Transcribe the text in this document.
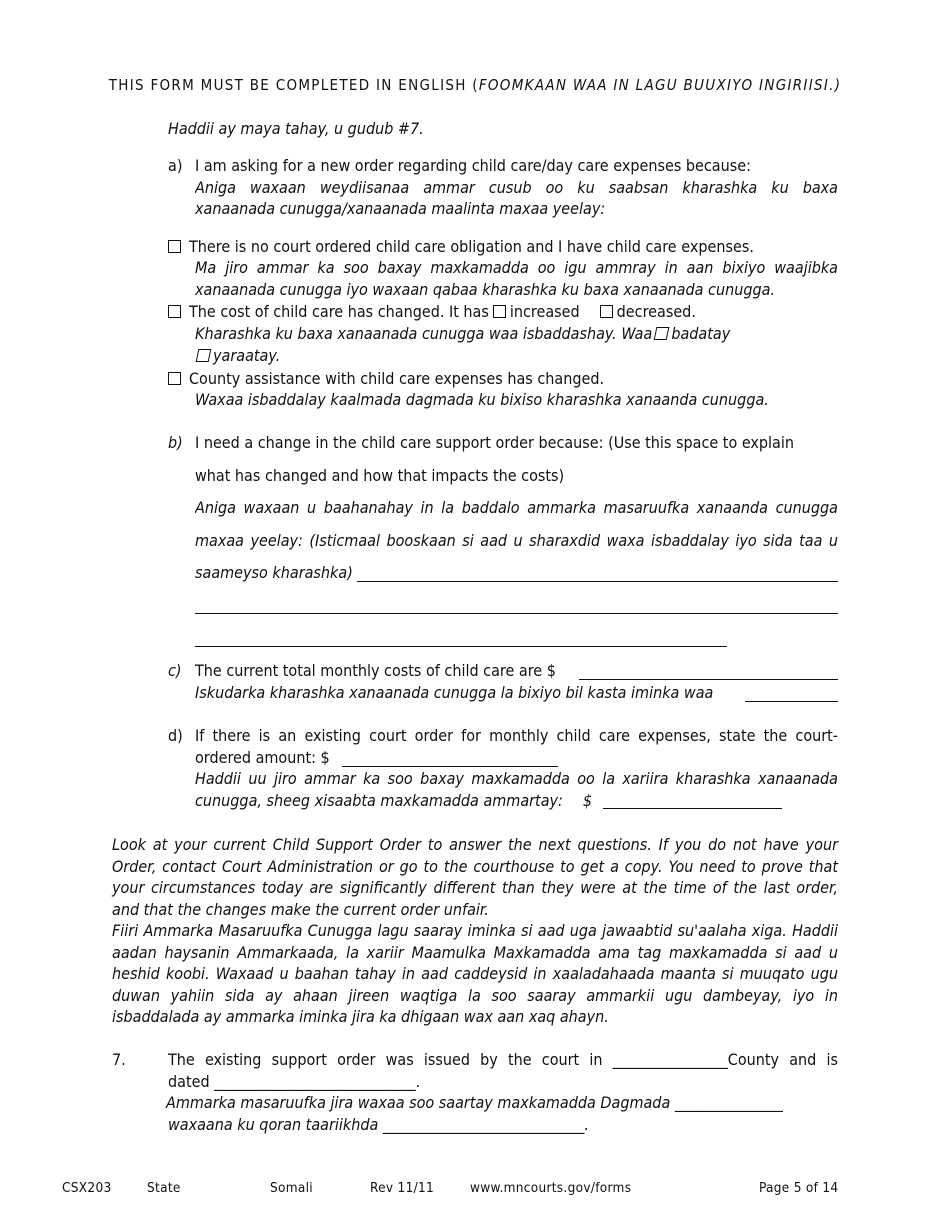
THIS FORM MUST BE COMPLETED IN ENGLISH (FOOMKAAN WAA IN LAGU BUUXIYO INGIRIISI.)
Haddii ay maya tahay, u gudub #7.
a) I am asking for a new order regarding child care/day care expenses because:
Aniga waxaan weydiisanaa ammar cusub oo ku saabsan kharashka ku baxa
xanaanada cunugga/xanaanada maalinta maxaa yeelay:
There is no court ordered child care obligation and I have child care expenses.
Ma jiro ammar ka soo baxay maxkamadda oo igu ammray in aan bixiyo waajibka
xanaanada cunugga iyo waxaan qabaa kharashka ku baxa xanaanada cunugga.
The cost of child care has changed. It has increased decreased.
Kharashka ku baxa xanaanada cunugga waa isbaddashay. Waa badatay
yaraatay.
County assistance with child care expenses has changed.
Waxaa isbaddalay kaalmada dagmada ku bixiso kharashka xanaanda cunugga.
b) I need a change in the child care support order because: (Use this space to explain
what has changed and how that impacts the costs)
Aniga waxaan u baahanahay in la baddalo ammarka masaruufka xanaanda cunugga
maxaa yeelay: (Isticmaal booskaan si aad u sharaxdid waxa isbaddalay iyo sida taa u
saameyso kharashka)
c) The current total monthly costs of child care are $
Iskudarka kharashka xanaanada cunugga la bixiyo bil kasta iminka waa
d) If there is an existing court order for monthly child care expenses, state the court-
ordered amount: $
Haddii uu jiro ammar ka soo baxay maxkamadda oo la xariira kharashka xanaanada
cunugga, sheeg xisaabta maxkamadda ammartay: $
Look at your current Child Support Order to answer the next questions. If you do not have your Order, contact Court Administration or go to the courthouse to get a copy. You need to prove that your circumstances today are significantly different than they were at the time of the last order, and that the changes make the current order unfair.
Fiiri Ammarka Masaruufka Cunugga lagu saaray iminka si aad uga jawaabtid su'aalaha xiga. Haddii aadan haysanin Ammarkaada, la xariir Maamulka Maxkamadda ama tag maxkamadda si aad u heshid koobi. Waxaad u baahan tahay in aad caddeysid in xaaladahaada maanta si muuqato ugu duwan yahiin sida ay ahaan jireen waqtiga la soo saaray ammarkii ugu dambeyay, iyo in isbaddalada ay ammarka iminka jira ka dhigaan wax aan xaq ahayn.
7.	The existing support order was issued by the court in ________________County and is
dated ____________________________.
Ammarka masaruufka jira waxaa soo saartay maxkamadda Dagmada _______________
waxaana ku qoran taariikhda ____________________________.
CSX203	State	Somali	Rev 11/11	www.mncourts.gov/forms	Page 5 of 14
